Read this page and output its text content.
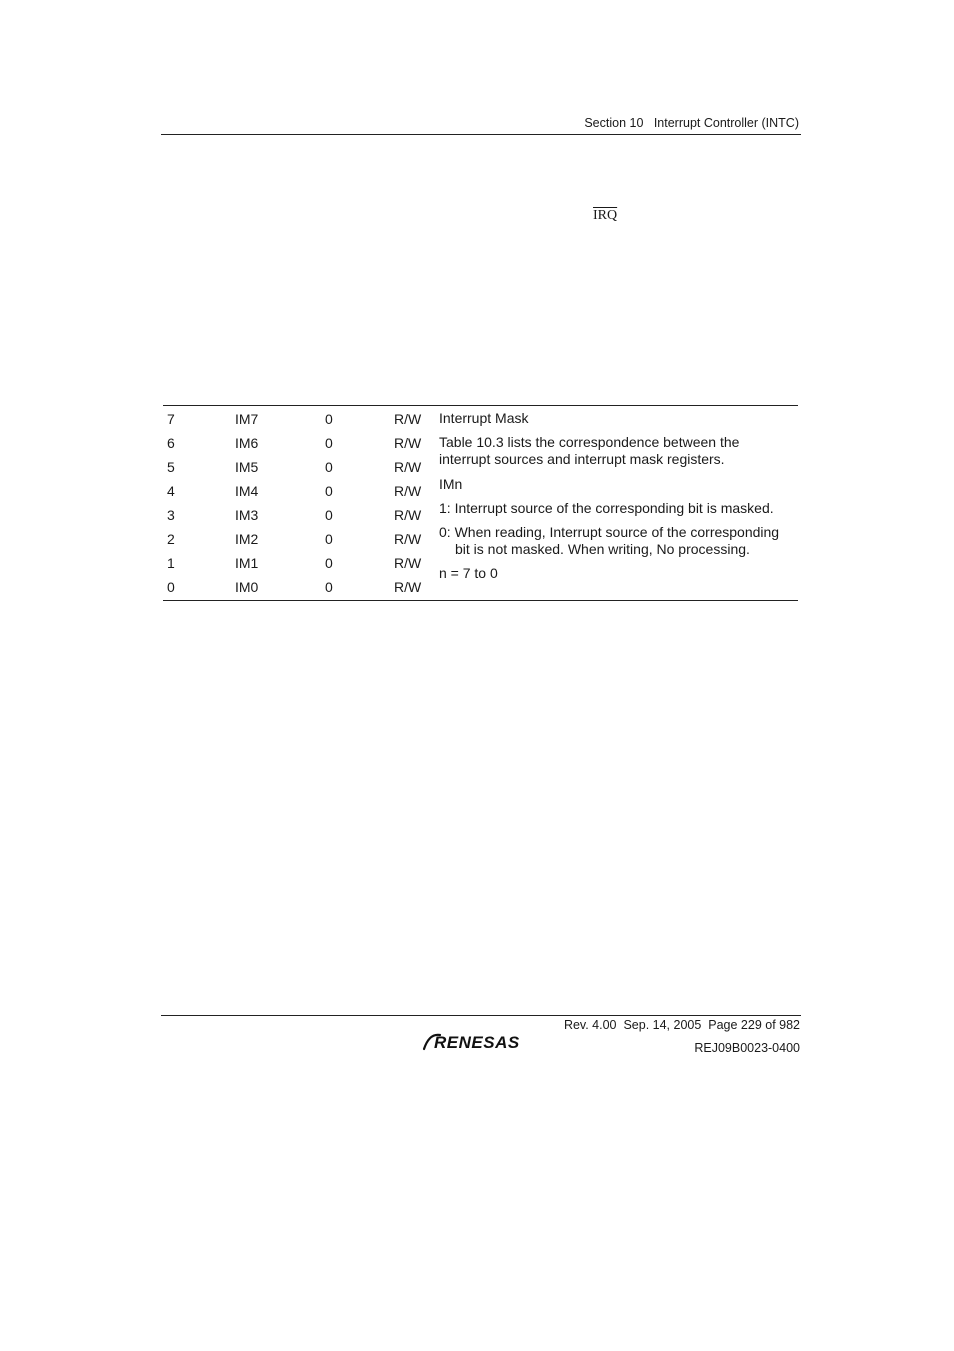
Section 10   Interrupt Controller (INTC)
$\overline{IRQ}$
7	IM7	0	R/W
6	IM6	0	R/W
5	IM5	0	R/W
4	IM4	0	R/W
3	IM3	0	R/W
2	IM2	0	R/W
1	IM1	0	R/W
0	IM0	0	R/W
Interrupt Mask
Table 10.3 lists the correspondence between the
interrupt sources and interrupt mask registers.
IMn
1: Interrupt source of the corresponding bit is masked.
0: When reading, Interrupt source of the corresponding
bit is not masked. When writing, No processing.
n = 7 to 0
Rev. 4.00  Sep. 14, 2005  Page 229 of 982
REJ09B0023-0400
RENESAS
